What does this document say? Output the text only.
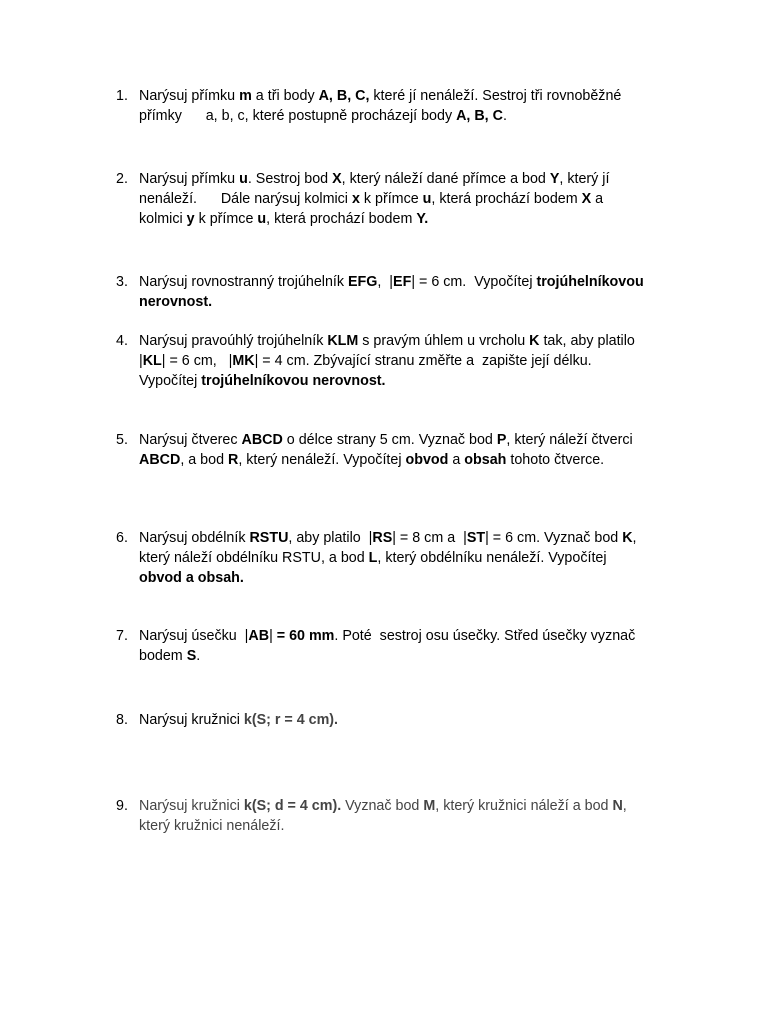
1. Narýsuj přímku m a tři body A, B, C, které jí nenáleží. Sestroj tři rovnoběžné
přímky      a, b, c, které postupně procházejí body A, B, C.
2. Narýsuj přímku u. Sestroj bod X, který náleží dané přímce a bod Y, který jí
nenáleží.      Dále narýsuj kolmici x k přímce u, která prochází bodem X a
kolmici y k přímce u, která prochází bodem Y.
3. Narýsuj rovnostranný trojúhelník EFG,  |EF| = 6 cm.  Vypočítej trojúhelníkovou
nerovnost.
4. Narýsuj pravoúhlý trojúhelník KLM s pravým úhlem u vrcholu K tak, aby platilo
|KL| = 6 cm,   |MK| = 4 cm. Zbývající stranu změřte a  zapište její délku.
Vypočítej trojúhelníkovou nerovnost.
5. Narýsuj čtverec ABCD o délce strany 5 cm. Vyznač bod P, který náleží čtverci
ABCD, a bod R, který nenáleží. Vypočítej obvod a obsah tohoto čtverce.
6. Narýsuj obdélník RSTU, aby platilo  |RS| = 8 cm a  |ST| = 6 cm. Vyznač bod K,
který náleží obdélníku RSTU, a bod L, který obdélníku nenáleží. Vypočítej
obvod a obsah.
7. Narýsuj úsečku  |AB| = 60 mm. Poté  sestroj osu úsečky. Střed úsečky vyznač
bodem S.
8. Narýsuj kružnici k(S; r = 4 cm).
9. Narýsuj kružnici k(S; d = 4 cm). Vyznač bod M, který kružnici náleží a bod N,
který kružnici nenáleží.
